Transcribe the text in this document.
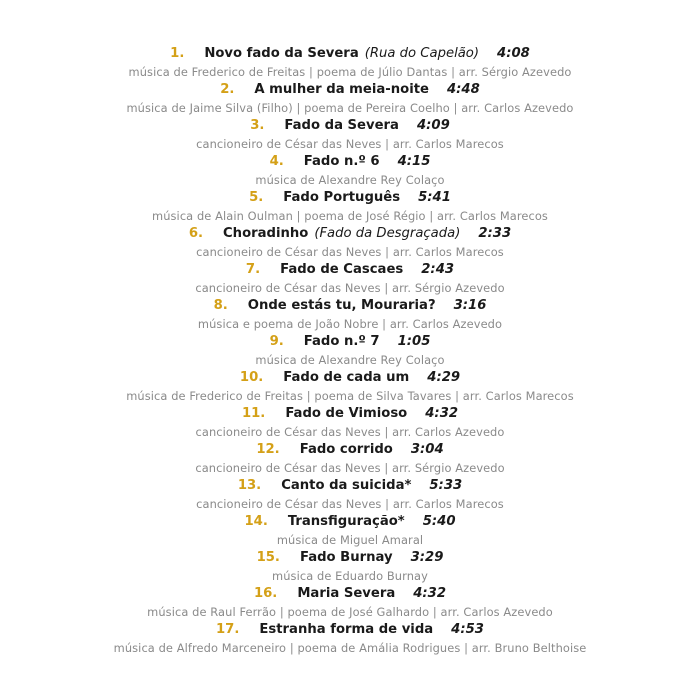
1. Novo fado da Severa (Rua do Capelão) 4:08
música de Frederico de Freitas | poema de Júlio Dantas | arr. Sérgio Azevedo
2. A mulher da meia-noite 4:48
música de Jaime Silva (Filho) | poema de Pereira Coelho | arr. Carlos Azevedo
3. Fado da Severa 4:09
cancioneiro de César das Neves | arr. Carlos Marecos
4. Fado n.º 6 4:15
música de Alexandre Rey Colaço
5. Fado Português 5:41
música de Alain Oulman | poema de José Régio | arr. Carlos Marecos
6. Choradinho (Fado da Desgraçada) 2:33
cancioneiro de César das Neves | arr. Carlos Marecos
7. Fado de Cascaes 2:43
cancioneiro de César das Neves | arr. Sérgio Azevedo
8. Onde estás tu, Mouraria? 3:16
música e poema de João Nobre | arr. Carlos Azevedo
9. Fado n.º 7 1:05
música de Alexandre Rey Colaço
10. Fado de cada um 4:29
música de Frederico de Freitas | poema de Silva Tavares | arr. Carlos Marecos
11. Fado de Vimioso 4:32
cancioneiro de César das Neves | arr. Carlos Azevedo
12. Fado corrido 3:04
cancioneiro de César das Neves | arr. Sérgio Azevedo
13. Canto da suicida* 5:33
cancioneiro de César das Neves | arr. Carlos Marecos
14. Transfiguração* 5:40
música de Miguel Amaral
15. Fado Burnay 3:29
música de Eduardo Burnay
16. Maria Severa 4:32
música de Raul Ferrão | poema de José Galhardo | arr. Carlos Azevedo
17. Estranha forma de vida 4:53
música de Alfredo Marceneiro | poema de Amália Rodrigues | arr. Bruno Belthoise
